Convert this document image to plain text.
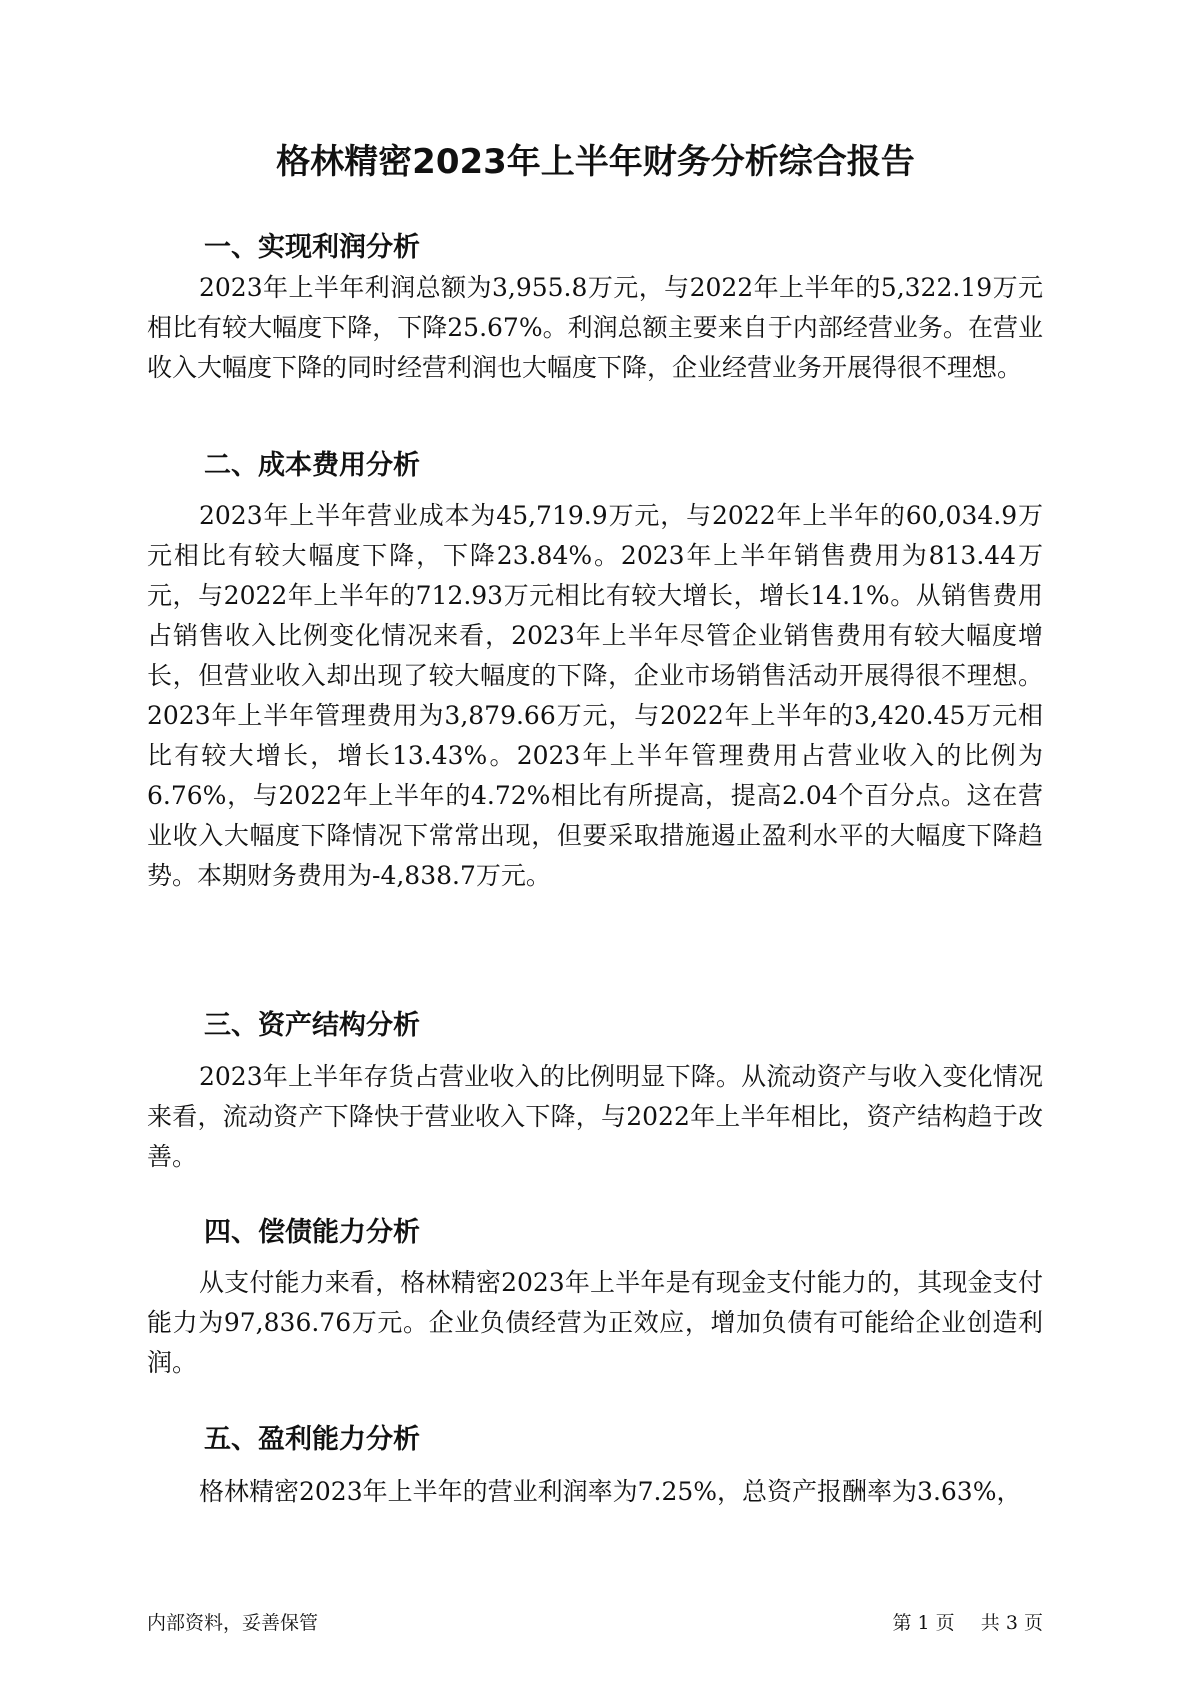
格林精密2023年上半年财务分析综合报告
一、实现利润分析

2023年上半年利润总额为3,955.8万元，与2022年上半年的5,322.19万元相比有较大幅度下降，下降25.67%。利润总额主要来自于内部经营业务。在营业收入大幅度下降的同时经营利润也大幅度下降，企业经营业务开展得很不理想。

二、成本费用分析

2023年上半年营业成本为45,719.9万元，与2022年上半年的60,034.9万元相比有较大幅度下降，下降23.84%。2023年上半年销售费用为813.44万元，与2022年上半年的712.93万元相比有较大增长，增长14.1%。从销售费用占销售收入比例变化情况来看，2023年上半年尽管企业销售费用有较大幅度增长，但营业收入却出现了较大幅度的下降，企业市场销售活动开展得很不理想。2023年上半年管理费用为3,879.66万元，与2022年上半年的3,420.45万元相比有较大增长，增长13.43%。2023年上半年管理费用占营业收入的比例为6.76%，与2022年上半年的4.72%相比有所提高，提高2.04个百分点。这在营业收入大幅度下降情况下常常出现，但要采取措施遏止盈利水平的大幅度下降趋势。本期财务费用为-4,838.7万元。

三、资产结构分析

2023年上半年存货占营业收入的比例明显下降。从流动资产与收入变化情况来看，流动资产下降快于营业收入下降，与2022年上半年相比，资产结构趋于改善。

四、偿债能力分析

从支付能力来看，格林精密2023年上半年是有现金支付能力的，其现金支付能力为97,836.76万元。企业负债经营为正效应，增加负债有可能给企业创造利润。

五、盈利能力分析

格林精密2023年上半年的营业利润率为7.25%，总资产报酬率为3.63%，

内部资料，妥善保管	第 1 页 共 3 页
